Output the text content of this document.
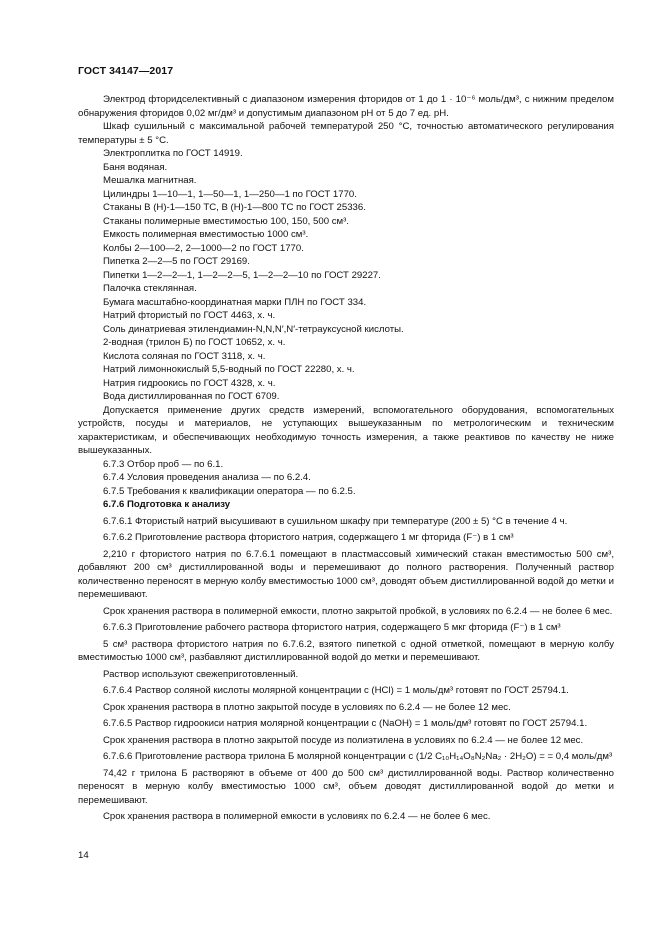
ГОСТ 34147—2017

Электрод фторидселективный с диапазоном измерения фторидов от 1 до 1 · 10⁻⁶ моль/дм³, с нижним пределом обнаружения фторидов 0,02 мг/дм³ и допустимым диапазоном pH от 5 до 7 ед. pH.

Шкаф сушильный с максимальной рабочей температурой 250 °С, точностью автоматического регулирования температуры ± 5 °С.

Электроплитка по ГОСТ 14919.

Баня водяная.

Мешалка магнитная.

Цилиндры 1—10—1, 1—50—1, 1—250—1 по ГОСТ 1770.

Стаканы В (Н)-1—150 ТС, В (Н)-1—800 ТС по ГОСТ 25336.

Стаканы полимерные вместимостью 100, 150, 500 см³.

Емкость полимерная вместимостью 1000 см³.

Колбы 2—100—2, 2—1000—2 по ГОСТ 1770.

Пипетка 2—2—5 по ГОСТ 29169.

Пипетки 1—2—2—1, 1—2—2—5, 1—2—2—10 по ГОСТ 29227.

Палочка стеклянная.

Бумага масштабно-координатная марки ПЛН по ГОСТ 334.

Натрий фтористый по ГОСТ 4463, х. ч.

Соль динатриевая этилендиамин-N,N,N′,N′-тетрауксусной кислоты.

2-водная (трилон Б) по ГОСТ 10652, х. ч.

Кислота соляная по ГОСТ 3118, х. ч.

Натрий лимоннокислый 5,5-водный по ГОСТ 22280, х. ч.

Натрия гидроокись по ГОСТ 4328, х. ч.

Вода дистиллированная по ГОСТ 6709.

Допускается применение других средств измерений, вспомогательного оборудования, вспомогательных устройств, посуды и материалов, не уступающих вышеуказанным по метрологическим и техническим характеристикам, и обеспечивающих необходимую точность измерения, а также реактивов по качеству не ниже вышеуказанных.

6.7.3 Отбор проб — по 6.1.

6.7.4 Условия проведения анализа — по 6.2.4.

6.7.5 Требования к квалификации оператора — по 6.2.5.

6.7.6 Подготовка к анализу

6.7.6.1 Фтористый натрий высушивают в сушильном шкафу при температуре (200 ± 5) °С в течение 4 ч.

6.7.6.2 Приготовление раствора фтористого натрия, содержащего 1 мг фторида (F⁻) в 1 см³

2,210 г фтористого натрия по 6.7.6.1 помещают в пластмассовый химический стакан вместимостью 500 см³, добавляют 200 см³ дистиллированной воды и перемешивают до полного растворения. Полученный раствор количественно переносят в мерную колбу вместимостью 1000 см³, доводят объем дистиллированной водой до метки и перемешивают.

Срок хранения раствора в полимерной емкости, плотно закрытой пробкой, в условиях по 6.2.4 — не более 6 мес.

6.7.6.3 Приготовление рабочего раствора фтористого натрия, содержащего 5 мкг фторида (F⁻) в 1 см³

5 см³ раствора фтористого натрия по 6.7.6.2, взятого пипеткой с одной отметкой, помещают в мерную колбу вместимостью 1000 см³, разбавляют дистиллированной водой до метки и перемешивают.

Раствор используют свежеприготовленный.

6.7.6.4 Раствор соляной кислоты молярной концентрации c (HCl) = 1 моль/дм³ готовят по ГОСТ 25794.1.

Срок хранения раствора в плотно закрытой посуде в условиях по 6.2.4 — не более 12 мес.

6.7.6.5 Раствор гидроокиси натрия молярной концентрации c (NaOH) = 1 моль/дм³ готовят по ГОСТ 25794.1.

Срок хранения раствора в плотно закрытой посуде из полиэтилена в условиях по 6.2.4 — не более 12 мес.

6.7.6.6 Приготовление раствора трилона Б молярной концентрации c (1/2 C₁₀H₁₄O₈N₂Na₂ · 2H₂O) = = 0,4 моль/дм³

74,42 г трилона Б растворяют в объеме от 400 до 500 см³ дистиллированной воды. Раствор количественно переносят в мерную колбу вместимостью 1000 см³, объем доводят дистиллированной водой до метки и перемешивают.

Срок хранения раствора в полимерной емкости в условиях по 6.2.4 — не более 6 мес.

14
